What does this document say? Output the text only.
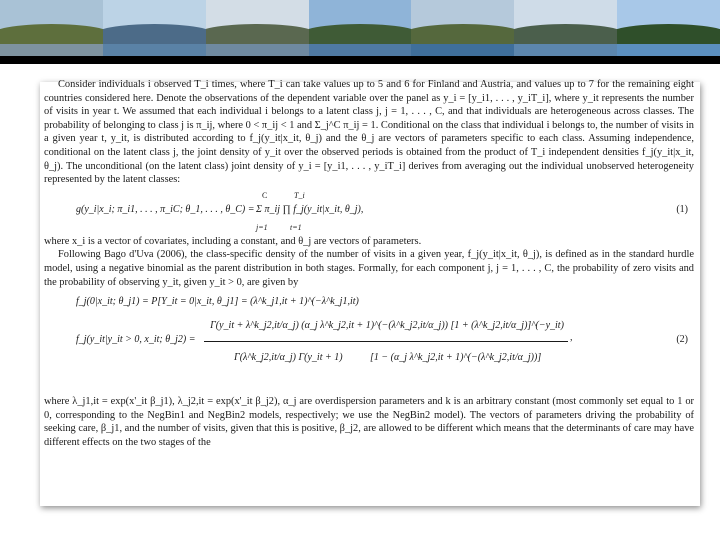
Consider individuals i observed T_i times, where T_i can take values up to 5 and 6 for Finland and Austria, and values up to 7 for the remaining eight countries considered here. Denote the observations of the dependent variable over the panel as y_i = [y_i1, . . . , y_iT_i], where y_it represents the number of visits in year t. We assumed that each individual i belongs to a latent class j, j = 1, . . . , C, and that individuals are heterogeneous across classes. The probability of belonging to class j is π_ij, where 0 < π_ij < 1 and Σ_j^C π_ij = 1. Conditional on the class that individual i belongs to, the number of visits in a given year t, y_it, is distributed according to f_j(y_it|x_it, θ_j) and the θ_j are vectors of parameters specific to each class. Assuming independence, conditional on the latent class j, the joint density of y_it over the observed periods is obtained from the product of T_i independent densities f_j(y_it|x_it, θ_j). The unconditional (on the latent class) joint density of y_i = [y_i1, . . . , y_iT_i] derives from averaging out the individual unobserved heterogeneity represented by the latent classes:

g(y_i|x_i; π_i1, . . . , π_iC; θ_1, . . . , θ_C) =
C	T_i
Σ π_ij ∏ f_j(y_it|x_it, θ_j),
j=1	t=1
(1)

where x_i is a vector of covariates, including a constant, and θ_j are vectors of parameters.

Following Bago d'Uva (2006), the class-specific density of the number of visits in a given year, f_j(y_it|x_it, θ_j), is defined as in the standard hurdle model, using a negative binomial as the parent distribution in both stages. Formally, for each component j, j = 1, . . . , C, the probability of zero visits and the probability of observing y_it, given y_it > 0, are given by

f_j(0|x_it; θ_j1) = P[Y_it = 0|x_it, θ_j1] = (λ^k_j1,it + 1)^(−λ^k_j1,it)
f_j(y_it|y_it > 0, x_it; θ_j2) =
Γ(y_it + λ^k_j2,it/α_j) (α_j λ^k_j2,it + 1)^(−(λ^k_j2,it/α_j)) [1 + (λ^k_j2,it/α_j)]^(−y_it)
Γ(λ^k_j2,it/α_j) Γ(y_it + 1)	[1 − (α_j λ^k_j2,it + 1)^(−(λ^k_j2,it/α_j))]
,	(2)

where λ_j1,it = exp(x'_it β_j1), λ_j2,it = exp(x'_it β_j2), α_j are overdispersion parameters and k is an arbitrary constant (most commonly set equal to 1 or 0, corresponding to the NegBin1 and NegBin2 models, respectively; we use the NegBin2 model). The vectors of parameters driving the probability of seeking care, β_j1, and the number of visits, given that this is positive, β_j2, are allowed to be different which means that the determinants of care may have different effects on the two stages of the
